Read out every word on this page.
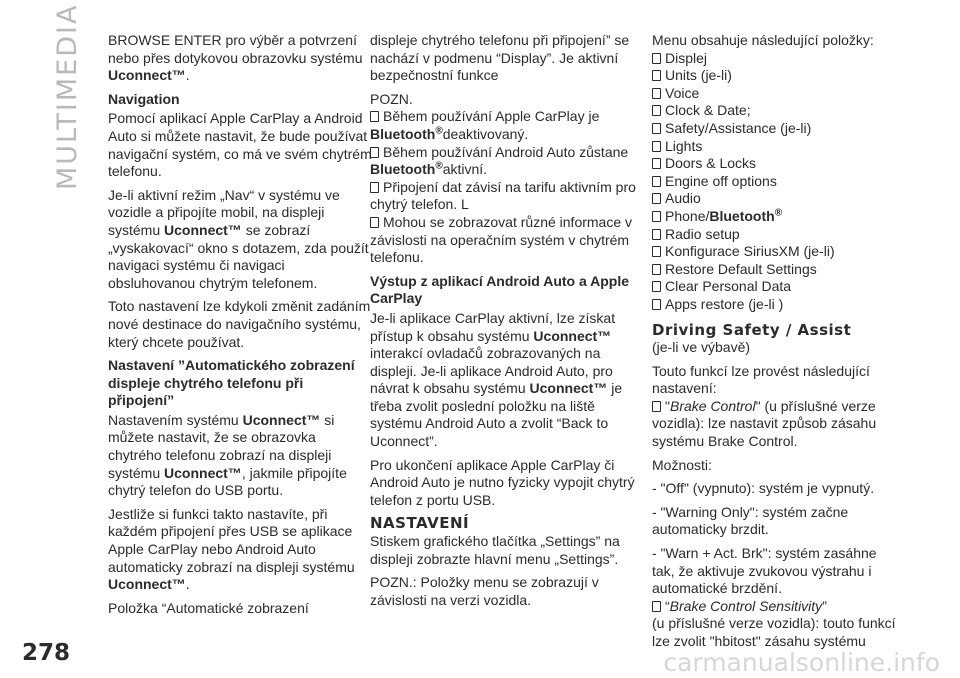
MULTIMEDIA
278	carmanualsonline.info

BROWSE ENTER pro výběr a potvrzení nebo přes dotykovou obrazovku systému Uconnect™.

Navigation

Pomocí aplikací Apple CarPlay a Android Auto si můžete nastavit, že bude používat navigační systém, co má ve svém chytrém telefonu.

Je-li aktivní režim „Nav“ v systému ve vozidle a připojíte mobil, na displeji systému Uconnect™ se zobrazí „vyskakovací“ okno s dotazem, zda použít navigaci systému či navigaci obsluhovanou chytrým telefonem.

Toto nastavení lze kdykoli změnit zadáním nové destinace do navigačního systému, který chcete používat.

Nastavení ”Automatického zobrazení displeje chytrého telefonu při připojení”

Nastavením systému Uconnect™ si můžete nastavit, že se obrazovka chytrého telefonu zobrazí na displeji systému Uconnect™, jakmile připojíte chytrý telefon do USB portu.

Jestliže si funkci takto nastavíte, při každém připojení přes USB se aplikace Apple CarPlay nebo Android Auto automaticky zobrazí na displeji systému Uconnect™.

Položka “Automatické zobrazení

displeje chytrého telefonu při připojení” se nachází v podmenu “Display”. Je aktivní bezpečnostní funkce

POZN.

Během používání Apple CarPlay je Bluetooth®deaktivovaný.

Během používání Android Auto zůstane Bluetooth®aktivní.

Připojení dat závisí na tarifu aktivním pro chytrý telefon. L

Mohou se zobrazovat různé informace v závislosti na operačním systém v chytrém telefonu.

Výstup z aplikací Android Auto a Apple CarPlay

Je-li aplikace CarPlay aktivní, lze získat přístup k obsahu systému Uconnect™ interakcí ovladačů zobrazovaných na displeji. Je-li aplikace Android Auto, pro návrat k obsahu systému Uconnect™ je třeba zvolit poslední položku na liště systému Android Auto a zvolit “Back to Uconnect”.

Pro ukončení aplikace Apple CarPlay či Android Auto je nutno fyzicky vypojit chytrý telefon z portu USB.

NASTAVENÍ

Stiskem grafického tlačítka „Settings” na displeji zobrazte hlavní menu „Settings”.

POZN.: Položky menu se zobrazují v závislosti na verzi vozidla.

Menu obsahuje následující položky:

Displej

Units (je-li)

Voice

Clock & Date;

Safety/Assistance (je-li)

Lights

Doors & Locks

Engine off options

Audio

Phone/Bluetooth®

Radio setup

Konfigurace SiriusXM (je-li)

Restore Default Settings

Clear Personal Data

Apps restore (je-li )

Driving Safety / Assist

(je-li ve výbavě)

Touto funkcí lze provést následující nastavení:

"Brake Control" (u příslušné verze vozidla): lze nastavit způsob zásahu systému Brake Control.

Možnosti:

- "Off" (vypnuto): systém je vypnutý.

- "Warning Only": systém začne automaticky brzdit.

- "Warn + Act. Brk": systém zasáhne tak, že aktivuje zvukovou výstrahu i automatické brzdění.

“Brake Control Sensitivity”

(u příslušné verze vozidla): touto funkcí lze zvolit "hbitost" zásahu systému
